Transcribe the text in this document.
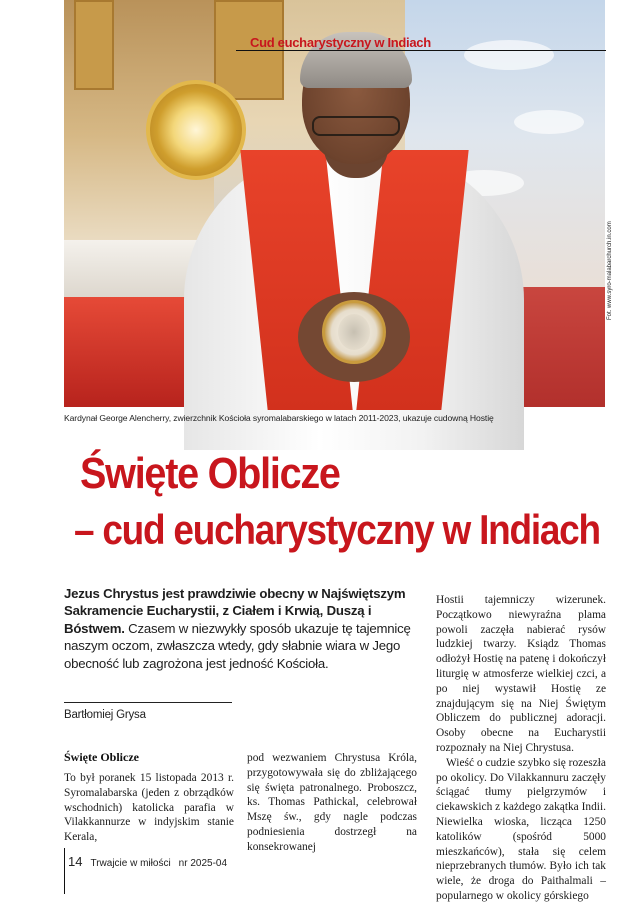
Cud eucharystyczny w Indiach
Fot. www.syro-malabarchurch.in.com
Kardynał George Alencherry, zwierzchnik Kościoła syromalabarskiego w latach 2011-2023, ukazuje cudowną Hostię
Święte Oblicze
– cud eucharystyczny w Indiach
Jezus Chrystus jest prawdziwie obecny w Najświętszym Sakramencie Eucharystii, z Ciałem i Krwią, Duszą i Bóstwem. Czasem w niezwykły sposób ukazuje tę tajemnicę naszym oczom, zwłaszcza wtedy, gdy słabnie wiara w Jego obecność lub zagrożona jest jedność Kościoła.
Bartłomiej Grysa
Święte Oblicze

To był poranek 15 listopada 2013 r. Syromalabarska (jeden z obrządków wschodnich) katolicka parafia w Vilakkannurze w indyjskim stanie Kerala,

pod wezwaniem Chrystusa Króla, przygotowywała się do zbliżającego się święta patronalnego. Proboszcz, ks. Thomas Pathickal, celebrował Mszę św., gdy nagle podczas podniesienia dostrzegł na konsekrowanej

Hostii tajemniczy wizerunek. Początkowo niewyraźna plama powoli zaczęła nabierać rysów ludzkiej twarzy. Ksiądz Thomas odłożył Hostię na patenę i dokończył liturgię w atmosferze wielkiej czci, a po niej wystawił Hostię ze znajdującym się na Niej Świętym Obliczem do publicznej adoracji. Osoby obecne na Eucharystii rozpoznały na Niej Chrystusa.

Wieść o cudzie szybko się rozeszła po okolicy. Do Vilakkannuru zaczęły ściągać tłumy pielgrzymów i ciekawskich z każdego zakątka Indii. Niewielka wioska, licząca 1250 katolików (spośród 5000 mieszkańców), stała się celem nieprzebranych tłumów. Było ich tak wiele, że droga do Paithalmali – popularnego w okolicy górskiego

14 Trwajcie w miłości nr 2025-04
